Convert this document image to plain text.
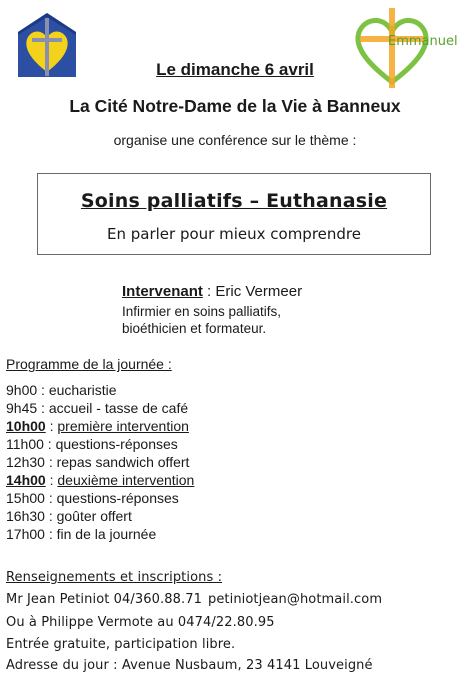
Emmanuel
Le dimanche 6 avril
La Cité Notre-Dame de la Vie à Banneux
organise une conférence sur le thème :
Soins palliatifs – Euthanasie
En parler pour mieux comprendre
Intervenant : Eric Vermeer
Infirmier en soins palliatifs,
bioéthicien et formateur.
Programme de la journée :
9h00 : eucharistie
9h45 : accueil - tasse de café
10h00 : première intervention
11h00 : questions-réponses
12h30 : repas sandwich offert
14h00 : deuxième intervention
15h00 : questions-réponses
16h30 : goûter offert
17h00 : fin de la journée
Renseignements et inscriptions :
Mr Jean Petiniot 04/360.88.71 petiniotjean@hotmail.com
Ou à Philippe Vermote au 0474/22.80.95
Entrée gratuite, participation libre.
Adresse du jour : Avenue Nusbaum, 23 4141 Louveigné
